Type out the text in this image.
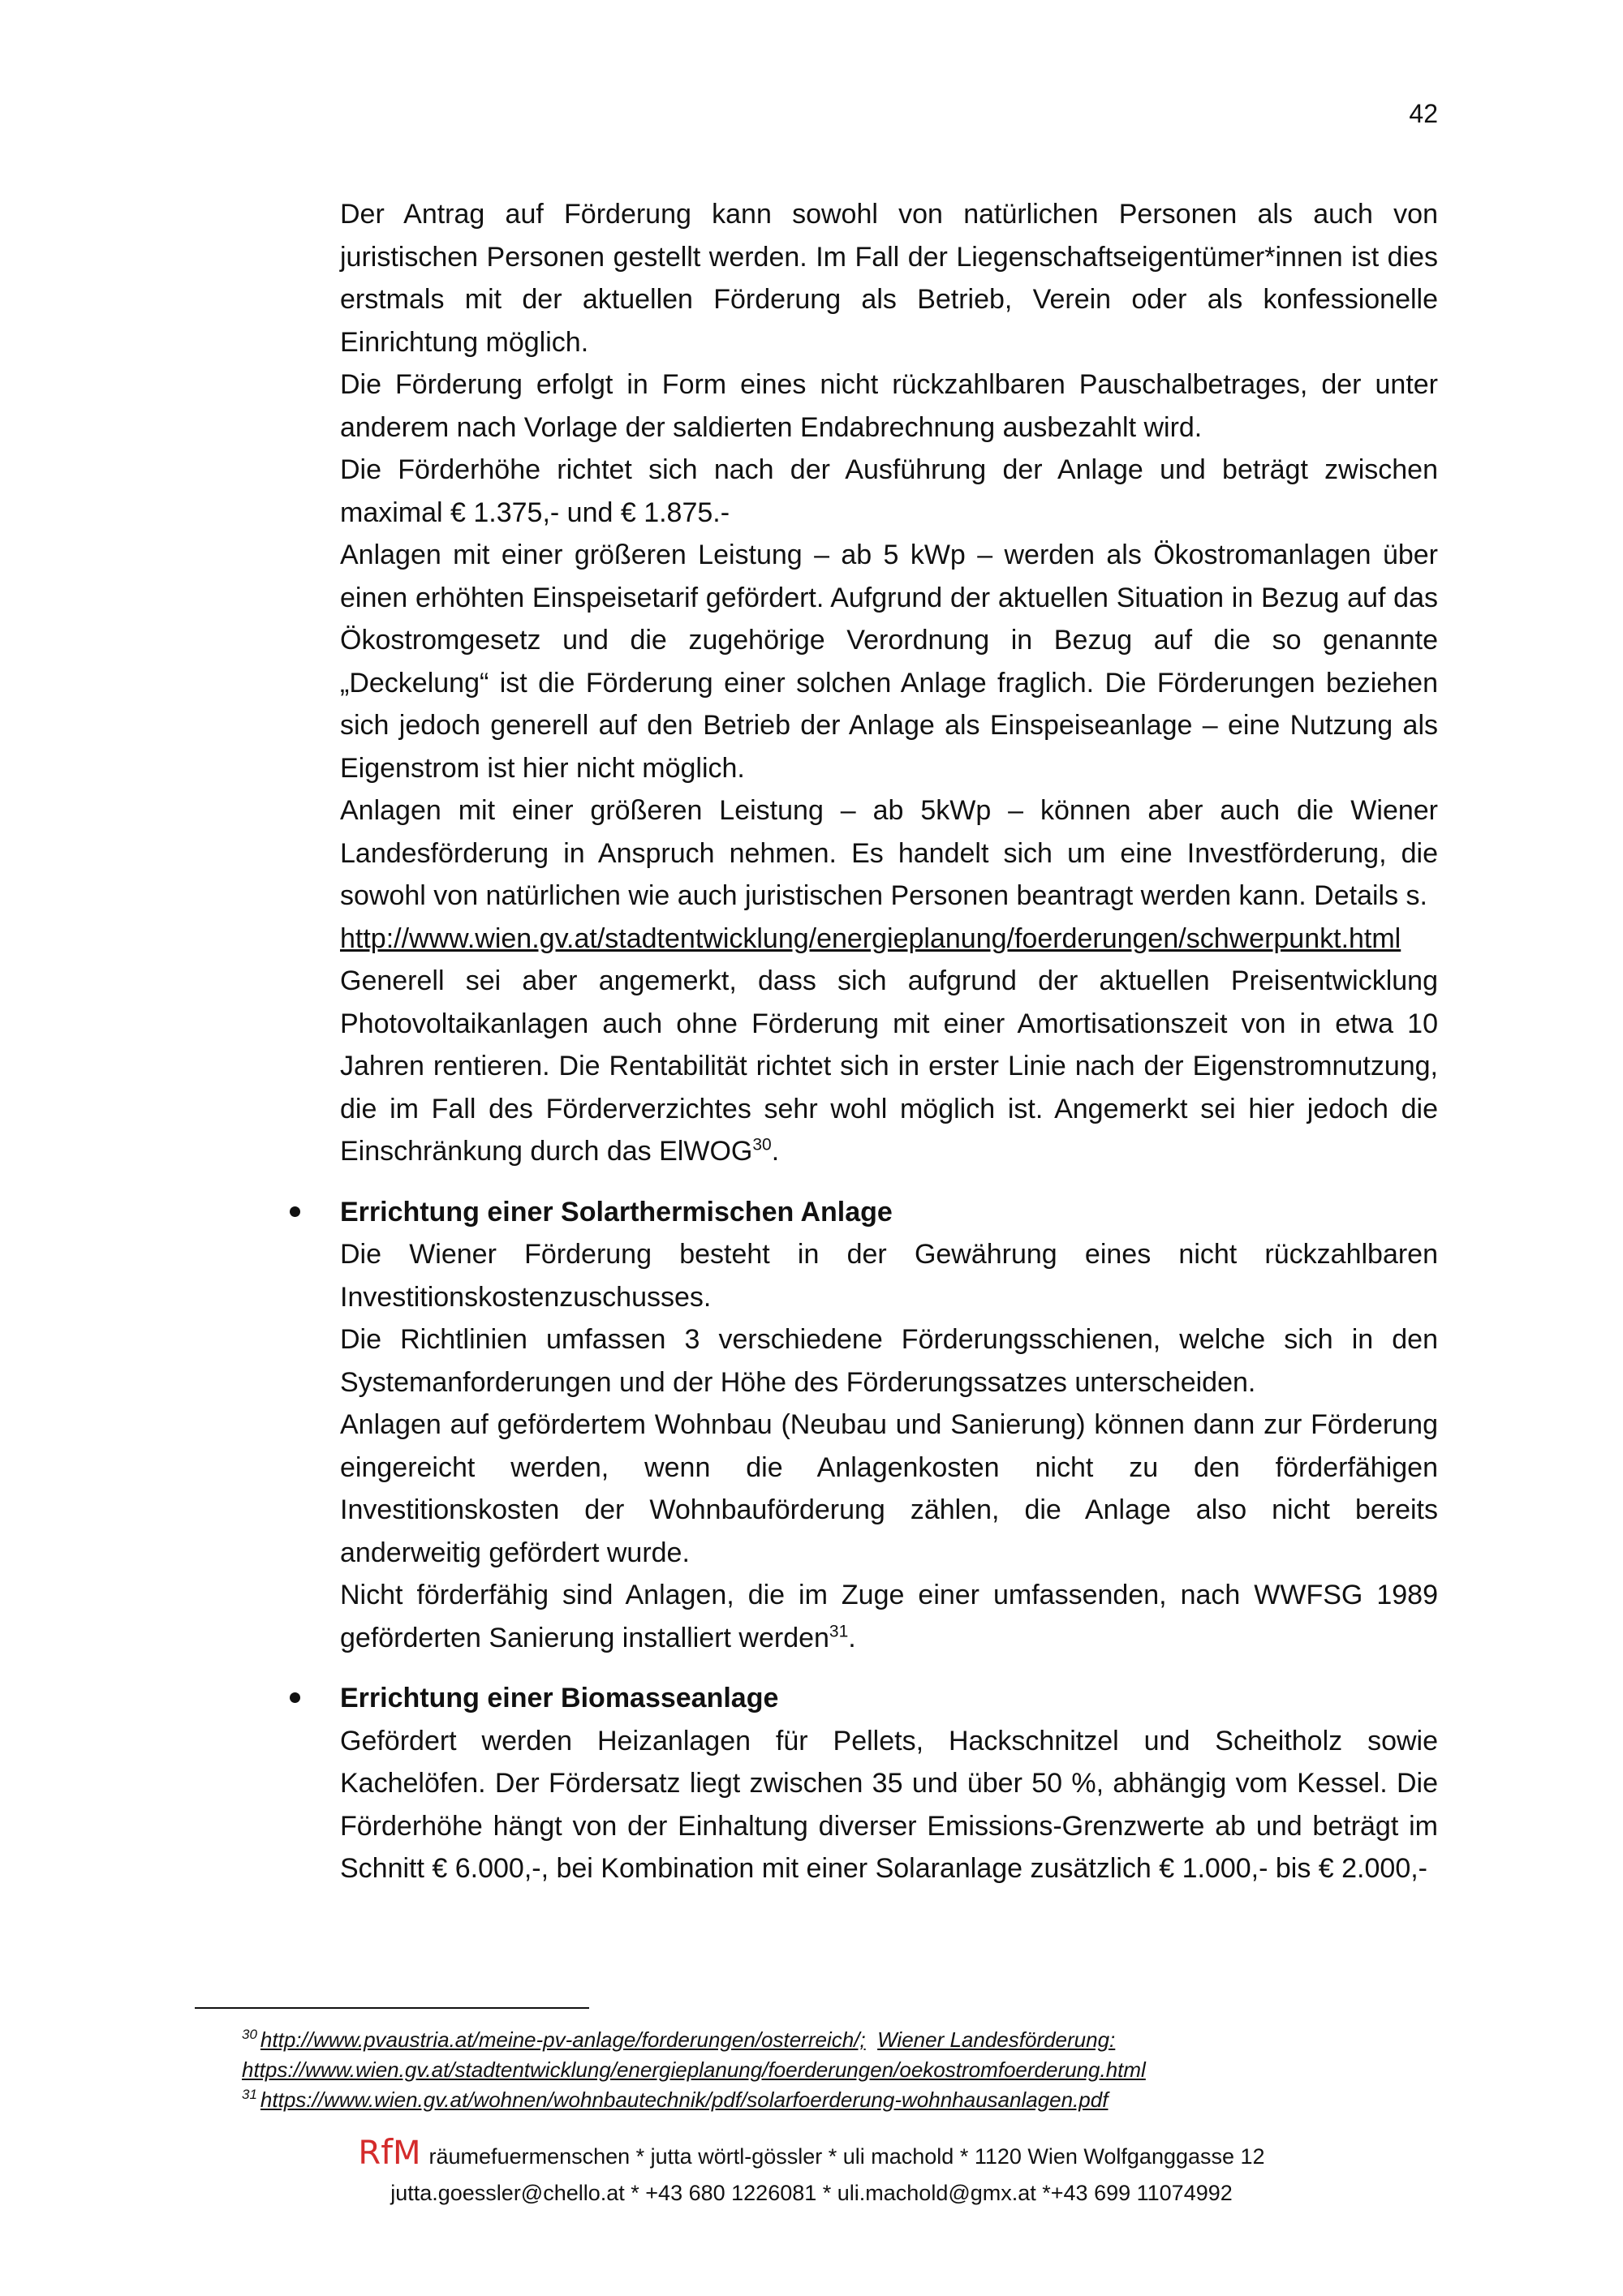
42

Der Antrag auf Förderung kann sowohl von natürlichen Personen als auch von juristischen Personen gestellt werden. Im Fall der Liegenschaftseigentümer*innen ist dies erstmals mit der aktuellen Förderung als Betrieb, Verein oder als konfessionelle Einrichtung möglich.

Die Förderung erfolgt in Form eines nicht rückzahlbaren Pauschalbetrages, der unter anderem nach Vorlage der saldierten Endabrechnung ausbezahlt wird.

Die Förderhöhe richtet sich nach der Ausführung der Anlage und beträgt zwischen maximal € 1.375,- und € 1.875.-

Anlagen mit einer größeren Leistung – ab 5 kWp – werden als Ökostromanlagen über einen erhöhten Einspeisetarif gefördert. Aufgrund der aktuellen Situation in Bezug auf das Ökostromgesetz und die zugehörige Verordnung in Bezug auf die so genannte „Deckelung“ ist die Förderung einer solchen Anlage fraglich. Die Förderungen beziehen sich jedoch generell auf den Betrieb der Anlage als Einspeiseanlage – eine Nutzung als Eigenstrom ist hier nicht möglich.

Anlagen mit einer größeren Leistung – ab 5kWp – können aber auch die Wiener Landesförderung in Anspruch nehmen. Es handelt sich um eine Investförderung, die sowohl von natürlichen wie auch juristischen Personen beantragt werden kann. Details s.

http://www.wien.gv.at/stadtentwicklung/energieplanung/foerderungen/schwerpunkt.html

Generell sei aber angemerkt, dass sich aufgrund der aktuellen Preisentwicklung Photovoltaikanlagen auch ohne Förderung mit einer Amortisationszeit von in etwa 10 Jahren rentieren. Die Rentabilität richtet sich in erster Linie nach der Eigenstromnutzung, die im Fall des Förderverzichtes sehr wohl möglich ist. Angemerkt sei hier jedoch die Einschränkung durch das ElWOG$^{30}$.

Errichtung einer Solarthermischen Anlage

Die Wiener Förderung besteht in der Gewährung eines nicht rückzahlbaren Investitionskostenzuschusses.

Die Richtlinien umfassen 3 verschiedene Förderungsschienen, welche sich in den Systemanforderungen und der Höhe des Förderungssatzes unterscheiden.

Anlagen auf gefördertem Wohnbau (Neubau und Sanierung) können dann zur Förderung eingereicht werden, wenn die Anlagenkosten nicht zu den förderfähigen Investitionskosten der Wohnbauförderung zählen, die Anlage also nicht bereits anderweitig gefördert wurde.

Nicht förderfähig sind Anlagen, die im Zuge einer umfassenden, nach WWFSG 1989 geförderten Sanierung installiert werden$^{31}$.

Errichtung einer Biomasseanlage

Gefördert werden Heizanlagen für Pellets, Hackschnitzel und Scheitholz sowie Kachelöfen. Der Fördersatz liegt zwischen 35 und über 50 %, abhängig vom Kessel. Die Förderhöhe hängt von der Einhaltung diverser Emissions-Grenzwerte ab und beträgt im Schnitt € 6.000,-, bei Kombination mit einer Solaranlage zusätzlich € 1.000,- bis € 2.000,-

$^{30}$ http://www.pvaustria.at/meine-pv-anlage/forderungen/osterreich/; Wiener Landesförderung:
https://www.wien.gv.at/stadtentwicklung/energieplanung/foerderungen/oekostromfoerderung.html
$^{31}$ https://www.wien.gv.at/wohnen/wohnbautechnik/pdf/solarfoerderung-wohnhausanlagen.pdf
RfM räumefuermenschen * jutta wörtl-gössler * uli machold * 1120 Wien Wolfganggasse 12
jutta.goessler@chello.at * +43 680 1226081 * uli.machold@gmx.at *+43 699 11074992
